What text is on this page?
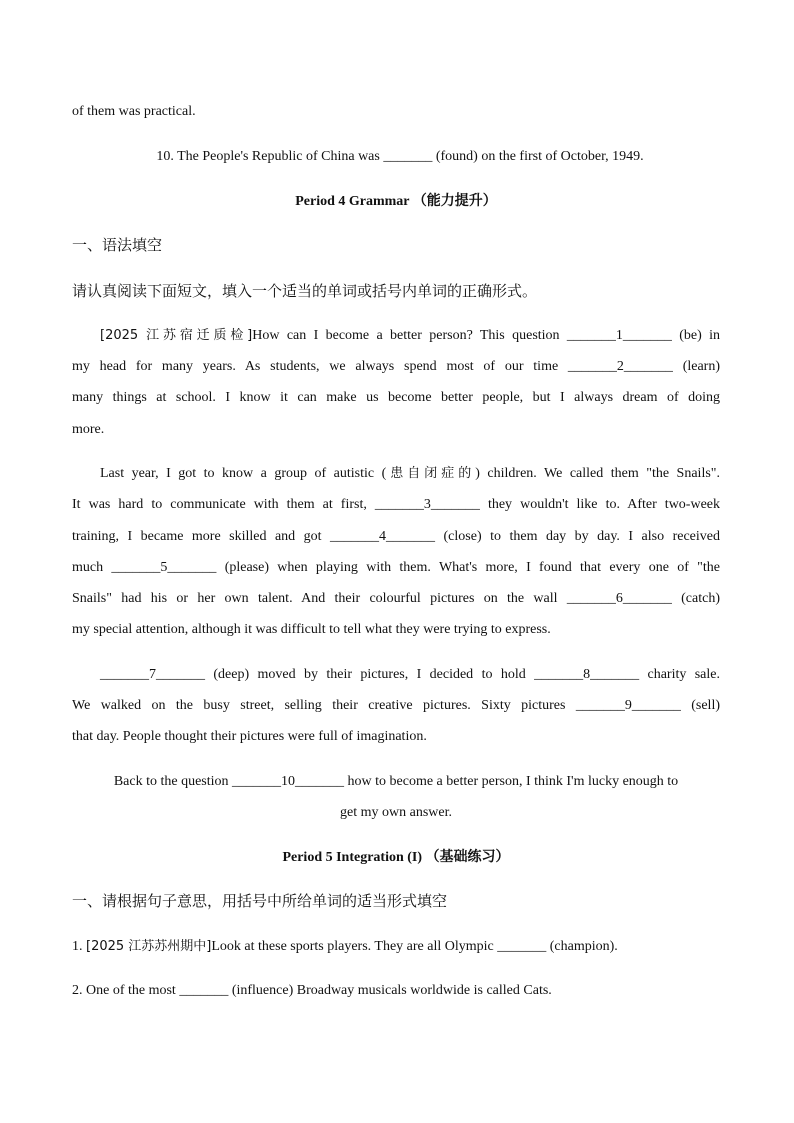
of them was practical.
10. The People's Republic of China was _______ (found) on the first of October, 1949.
Period 4 Grammar （能力提升）
一、语法填空
请认真阅读下面短文，填入一个适当的单词或括号内单词的正确形式。
[2025 江苏宿迁质检]How can I become a better person? This question _______1_______ (be) in
my head for many years. As students, we always spend most of our time _______2_______ (learn)
many things at school. I know it can make us become better people, but I always dream of doing
more.
Last year, I got to know a group of autistic (患自闭症的) children. We called them "the Snails".
It was hard to communicate with them at first, _______3_______ they wouldn't like to. After two-week
training, I became more skilled and got _______4_______ (close) to them day by day. I also received
much _______5_______ (please) when playing with them. What's more, I found that every one of "the
Snails" had his or her own talent. And their colourful pictures on the wall _______6_______ (catch)
my special attention, although it was difficult to tell what they were trying to express.
_______7_______ (deep) moved by their pictures, I decided to hold _______8_______ charity sale.
We walked on the busy street, selling their creative pictures. Sixty pictures _______9_______ (sell)
that day. People thought their pictures were full of imagination.
Back to the question _______10_______ how to become a better person, I think I'm lucky enough to
get my own answer.
Period 5 Integration (I) （基础练习）
一、请根据句子意思，用括号中所给单词的适当形式填空
1. [2025 江苏苏州期中]Look at these sports players. They are all Olympic _______ (champion).
2. One of the most _______ (influence) Broadway musicals worldwide is called Cats.
